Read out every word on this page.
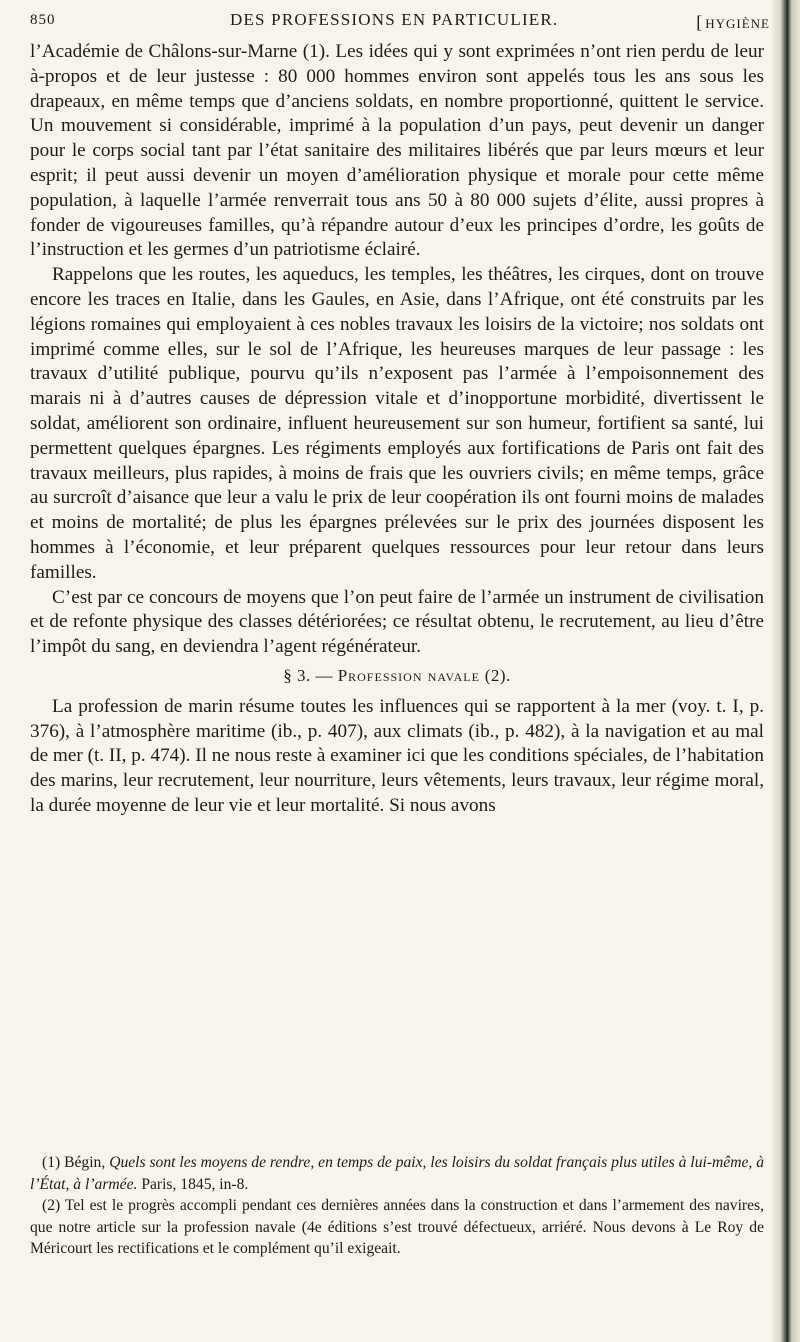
850	DES PROFESSIONS EN PARTICULIER.
[	HYGIÈNE

l’Académie de Châlons-sur-Marne (1). Les idées qui y sont exprimées n’ont rien perdu de leur à-propos et de leur justesse : 80 000 hommes environ sont appelés tous les ans sous les drapeaux, en même temps que d’anciens soldats, en nombre proportionné, quittent le service. Un mouvement si considérable, imprimé à la population d’un pays, peut devenir un danger pour le corps social tant par l’état sanitaire des militaires libérés que par leurs mœurs et leur esprit; il peut aussi devenir un moyen d’amélioration physique et morale pour cette même population, à laquelle l’armée renverrait tous ans 50 à 80 000 sujets d’élite, aussi propres à fonder de vigoureuses familles, qu’à répandre autour d’eux les principes d’ordre, les goûts de l’instruction et les germes d’un patriotisme éclairé.

Rappelons que les routes, les aqueducs, les temples, les théâtres, les cirques, dont on trouve encore les traces en Italie, dans les Gaules, en Asie, dans l’Afrique, ont été construits par les légions romaines qui employaient à ces nobles travaux les loisirs de la victoire; nos soldats ont imprimé comme elles, sur le sol de l’Afrique, les heureuses marques de leur passage : les travaux d’utilité publique, pourvu qu’ils n’exposent pas l’armée à l’empoisonnement des marais ni à d’autres causes de dépression vitale et d’inopportune morbidité, divertissent le soldat, améliorent son ordinaire, influent heureusement sur son humeur, fortifient sa santé, lui permettent quelques épargnes. Les régiments employés aux fortifications de Paris ont fait des travaux meilleurs, plus rapides, à moins de frais que les ouvriers civils; en même temps, grâce au surcroît d’aisance que leur a valu le prix de leur coopération ils ont fourni moins de malades et moins de mortalité; de plus les épargnes prélevées sur le prix des journées disposent les hommes à l’économie, et leur préparent quelques ressources pour leur retour dans leurs familles.

C’est par ce concours de moyens que l’on peut faire de l’armée un instrument de civilisation et de refonte physique des classes détériorées; ce résultat obtenu, le recrutement, au lieu d’être l’impôt du sang, en deviendra l’agent régénérateur.

§ 3. — Profession navale (2).

La profession de marin résume toutes les influences qui se rapportent à la mer (voy. t. I, p. 376), à l’atmosphère maritime (ib., p. 407), aux climats (ib., p. 482), à la navigation et au mal de mer (t. II, p. 474). Il ne nous reste à examiner ici que les conditions spéciales, de l’habitation des marins, leur recrutement, leur nourriture, leurs vêtements, leurs travaux, leur régime moral, la durée moyenne de leur vie et leur mortalité. Si nous avons

(1) Bégin, Quels sont les moyens de rendre, en temps de paix, les loisirs du soldat français plus utiles à lui-même, à l’État, à l’armée. Paris, 1845, in-8.

(2) Tel est le progrès accompli pendant ces dernières années dans la construction et dans l’armement des navires, que notre article sur la profession navale (4e éditions s’est trouvé défectueux, arriéré. Nous devons à Le Roy de Méricourt les rectifications et le complément qu’il exigeait.
